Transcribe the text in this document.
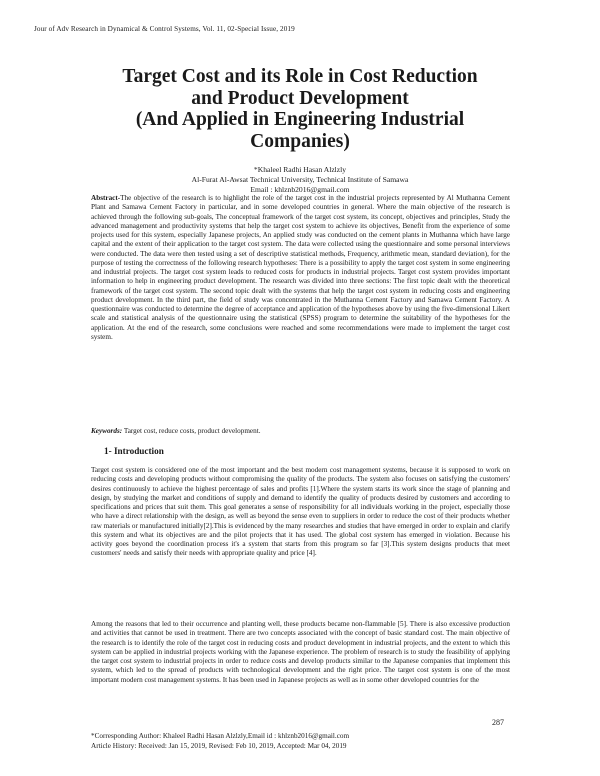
Jour of Adv Research in Dynamical & Control Systems, Vol. 11, 02-Special Issue, 2019
Target Cost and its Role in Cost Reduction
and Product Development
(And Applied in Engineering Industrial
Companies)
*Khaleel Radhi Hasan Alzlzly
Al-Furat Al-Awsat Technical University, Technical Institute of Samawa
Email : khlznb2016@gmail.com
Abstract-The objective of the research is to highlight the role of the target cost in the industrial projects represented by Al Muthanna Cement Plant and Samawa Cement Factory in particular, and in some developed countries in general. Where the main objective of the research is achieved through the following sub-goals, The conceptual framework of the target cost system, its concept, objectives and principles, Study the advanced management and productivity systems that help the target cost system to achieve its objectives, Benefit from the experience of some projects used for this system, especially Japanese projects, An applied study was conducted on the cement plants in Muthanna which have large capital and the extent of their application to the target cost system. The data were collected using the questionnaire and some personal interviews were conducted. The data were then tested using a set of descriptive statistical methods, Frequency, arithmetic mean, standard deviation), for the purpose of testing the correctness of the following research hypotheses: There is a possibility to apply the target cost system in some engineering and industrial projects. The target cost system leads to reduced costs for products in industrial projects. Target cost system provides important information to help in engineering product development. The research was divided into three sections: The first topic dealt with the theoretical framework of the target cost system. The second topic dealt with the systems that help the target cost system in reducing costs and engineering product development. In the third part, the field of study was concentrated in the Muthanna Cement Factory and Samawa Cement Factory. A questionnaire was conducted to determine the degree of acceptance and application of the hypotheses above by using the five-dimensional Likert scale and statistical analysis of the questionnaire using the statistical (SPSS) program to determine the suitability of the hypotheses for the application. At the end of the research, some conclusions were reached and some recommendations were made to implement the target cost system.
Keywords: Target cost, reduce costs, product development.
1- Introduction
Target cost system is considered one of the most important and the best modern cost management systems, because it is supposed to work on reducing costs and developing products without compromising the quality of the products. The system also focuses on satisfying the customers' desires continuously to achieve the highest percentage of sales and profits [1].Where the system starts its work since the stage of planning and design, by studying the market and conditions of supply and demand to identify the quality of products desired by customers and according to specifications and prices that suit them. This goal generates a sense of responsibility for all individuals working in the project, especially those who have a direct relationship with the design, as well as beyond the sense even to suppliers in order to reduce the cost of their products whether raw materials or manufactured initially[2].This is evidenced by the many researches and studies that have emerged in order to explain and clarify this system and what its objectives are and the pilot projects that it has used. The global cost system has emerged in violation. Because his activity goes beyond the coordination process it's a system that starts from this program so far [3].This system designs products that meet customers' needs and satisfy their needs with appropriate quality and price [4].
Among the reasons that led to their occurrence and planting well, these products became non-flammable [5]. There is also excessive production and activities that cannot be used in treatment. There are two concepts associated with the concept of basic standard cost. The main objective of the research is to identify the role of the target cost in reducing costs and product development in industrial projects, and the extent to which this system can be applied in industrial projects working with the Japanese experience. The problem of research is to study the feasibility of applying the target cost system to industrial projects in order to reduce costs and develop products similar to the Japanese companies that implement this system, which led to the spread of products with technological development and the right price. The target cost system is one of the most important modern cost management systems. It has been used in Japanese projects as well as in some other developed countries for the
287
*Corresponding Author: Khaleel Radhi Hasan Alzlzly,Email id : khlznb2016@gmail.com
Article History: Received: Jan 15, 2019, Revised: Feb 10, 2019, Accepted: Mar 04, 2019
